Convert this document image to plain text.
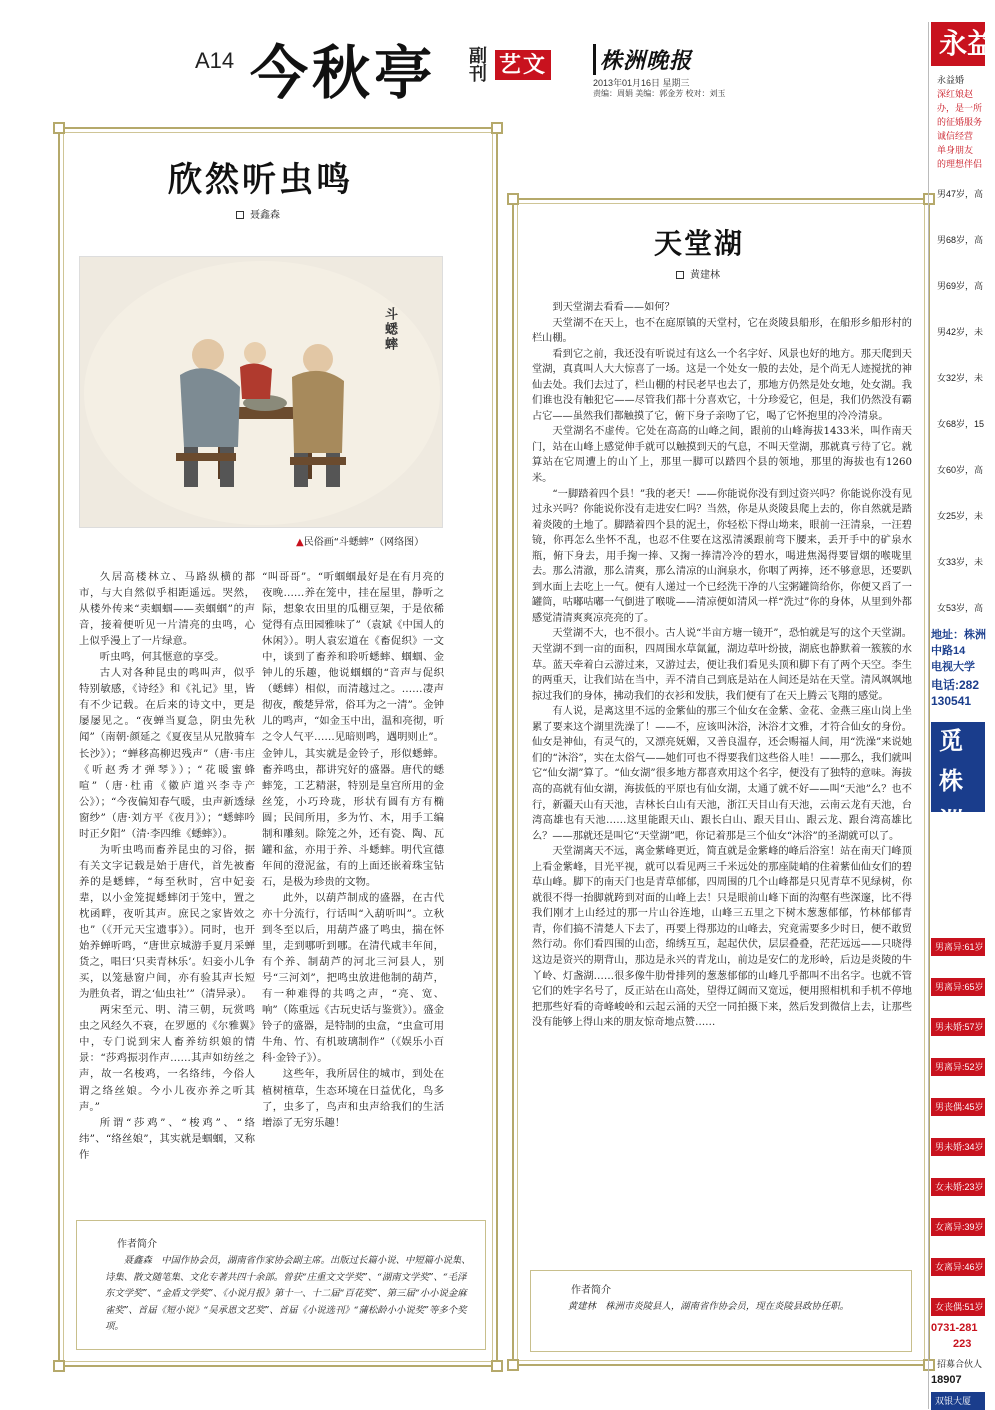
A14 今秋亭 副刊 艺文	株洲晚报
2013年01月16日 星期三
责编：周娟 美编：郭金芳 校对：刘玉
欣然听虫鸣
聂鑫森
斗蟋蟀
▲民俗画“斗蟋蟀”（网络图）

久居高楼林立、马路纵横的都市，与大自然似乎相距遥远。哭然，从楼外传来“卖蝈蝈——卖蝈蝈”的声音，接着便听见一片清亮的虫鸣，心上似乎漫上了一片绿意。

听虫鸣，何其惬意的享受。

古人对各种昆虫的鸣叫声，似乎特别敏感，《诗经》和《礼记》里，皆有不少记载。在后来的诗文中，更是屡屡见之。“夜蝉当夏急，阴虫先秋闻”（南朝·颜延之《夏夜呈从兄散骑车长沙》）；“蝉移高柳迟残声”（唐·韦庄《听赵秀才弹琴》）；“花暖蜜蜂喧”（唐·杜甫《徽庐道兴李寺产公》）；“今夜偏知春气暖，虫声新透绿窗纱”（唐·刘方平《夜月》）；“蟋蟀吟时正夕阳”（清·李四维《蟋蟀》）。

为听虫鸣而畜养昆虫的习俗，据有关文字记载是始于唐代，首先被畜养的是蟋蟀，“每至秋时，宫中妃妾辈，以小金笼捉蟋蟀闭于笼中，置之枕函畔，夜听其声。庶民之家皆效之也”（《开元天宝遗事》）。同时，也开始养蝉听鸣，“唐世京城游手夏月采蝉货之，唱曰‘只卖青林乐’。妇妾小儿争买，以笼悬窗户间，亦有验其声长短为胜负者，谓之‘仙虫社’”（清异录）。

两宋至元、明、清三朝，玩赏鸣虫之风经久不衰，在罗愿的《尔雅翼》中，专门说到宋人畜养纺织娘的情景：“莎鸡振羽作声……其声如纺丝之声，故一名梭鸡，一名络纬，今俗人谓之络丝娘。今小儿夜亦养之听其声。”

所谓“莎鸡”、“梭鸡”、“络纬”、“络丝娘”，其实就是蝈蝈，又称作

“叫哥哥”。“听蝈蝈最好是在有月亮的夜晚……养在笼中，挂在屋里，静听之际，想象农田里的瓜棚豆架，于是依稀觉得有点田园雅味了”（袁斌《中国人的休闲》）。明人袁宏道在《畜促织》一文中，谈到了畜养和聆听蟋蟀、蝈蝈、金钟儿的乐趣，他说蝈蝈的“音声与促织（蟋蟀）相似，而清越过之。……凄声彻夜，酸楚异常，俗耳为之一清”。金钟儿的鸣声，“如金玉中出，温和亮彻，听之令人气平……见暗则鸣，遇明则止”。金钟儿，其实就是金铃子，形似蟋蟀。畜养鸣虫，都讲究好的盛器。唐代的蟋蟀笼，工艺精湛，特别是皇宫所用的金丝笼，小巧玲珑，形状有圆有方有椭圆；民间所用，多为竹、木，用手工编制和雕刻。除笼之外，还有瓷、陶、瓦罐和盆，亦用于养、斗蟋蟀。明代宣德年间的澄泥盆，有的上面还嵌着珠宝钻石，是极为珍贵的文物。

此外，以葫芦制成的盛器，在古代亦十分流行，行话叫“入葫听叫”。立秋到冬至以后，用葫芦盛了鸣虫，揣在怀里，走到哪听到哪。在清代咸丰年间，有个养、制葫芦的河北三河县人，别号“三河刘”，把鸣虫放进他制的葫芦，有一种难得的共鸣之声，“亮、宽、响”（陈重远《古玩史话与鉴赏》）。盛金铃子的盛器，是特制的虫盒，“虫盒可用牛角、竹、有机玻璃制作”（《娱乐小百科·金铃子》）。

这些年，我所居住的城市，到处在植树植草，生态环境在日益优化，鸟多了，虫多了，鸟声和虫声给我们的生活增添了无穷乐趣！

作者简介
聂鑫森　中国作协会员，湖南省作家协会副主席。出版过长篇小说、中短篇小说集、诗集、散文随笔集、文化专著共四十余部。曾获“庄重文文学奖”、“湖南文学奖”、“毛泽东文学奖”、“金盾文学奖”、《小说月报》第十一、十二届“百花奖”、第三届“小小说金麻雀奖”、首届《短小说》“吴承恩文艺奖”、首届《小说选刊》“蒲松龄小小说奖”等多个奖项。
天堂湖
黄建林

到天堂湖去看看——如何？

天堂湖不在天上，也不在庭原镇的天堂村，它在炎陵县船形，在船形乡船形村的栏山棚。

看到它之前，我还没有听说过有这么一个名字好、风景也好的地方。那天爬到天堂湖，真真叫人大大惊喜了一场。这是一个处女一般的去处，是个尚无人迹搅扰的神仙去处。我们去过了，栏山棚的村民老早也去了，那地方仍然是处女地，处女湖。我们谁也没有触犯它——尽管我们都十分喜欢它，十分珍爱它，但是，我们仍然没有霸占它——虽然我们都触摸了它，俯下身子亲吻了它，喝了它怀抱里的冷冷清泉。

天堂湖名不虚传。它处在高高的山峰之间，跟前的山峰海拔1433米，叫作南天门，站在山峰上感觉伸手就可以触摸到天的气息，不叫天堂湖，那就真亏待了它。就算站在它周遭上的山丫上，那里一脚可以踏四个县的领地，那里的海拔也有1260米。

“一脚踏着四个县！”我的老天！——你能说你没有到过资兴吗？你能说你没有见过永兴吗？你能说你没有走进安仁吗？当然，你是从炎陵县爬上去的，你自然就是踏着炎陵的土地了。脚踏着四个县的泥土，你轻松下得山坳来，眼前一汪清泉，一汪碧镜，你再怎么坐怀不乱，也忍不住要在这泓清溪跟前弯下腰来，丢开手中的矿泉水瓶，俯下身去，用手掬一捧、又掬一捧清冷冷的碧水，喝进焦渴得要冒烟的喉咙里去。那么清澈，那么清爽，那么清凉的山涧泉水，你咽了两捧，还不够意思，还要趴到水面上去吃上一气。便有人递过一个已经洗干净的八宝粥罐筒给你，你便又舀了一罐筒，咕嘟咕嘟一气倒进了喉咙——清凉便如清风一样“洗过”你的身体，从里到外都感觉清清爽爽凉亮亮的了。

天堂湖不大，也不很小。古人说“半亩方塘一镜开”，恐怕就是写的这个天堂湖。天堂湖不到一亩的面积，四周围水草氤氲，湖边草叶纷披，湖底也静默着一簇簇的水草。蓝天牵着白云游过来，又游过去，便让我们看见头顶和脚下有了两个天空。李生的两重天，让我们站在当中，弄不清自己到底是站在人间还是站在天堂。清风飒飒地掠过我们的身体，拂动我们的衣衫和发肤，我们便有了在天上腾云飞翔的感觉。

有人说，是离这里不远的金紫仙的那三个仙女在金紫、金花、金燕三座山岗上坐累了要来这个湖里洗澡了！——不，应该叫沐浴，沐浴才文雅，才符合仙女的身份。仙女是神仙，有灵气的，又漂亮妩媚，又善良温存，还会赐福人间，用“洗澡”来说她们的“沐浴”，实在太俗气——她们可也不得要我们这些俗人哇！——那么，我们就叫它“仙女湖”算了。“仙女湖”很多地方都喜欢用这个名字，便没有了独特的意味。海拔高的高就有仙女湖，海拔低的平原也有仙女湖，太通了就不好——叫“天池”么？也不行，新疆天山有天池，吉林长白山有天池，浙江天目山有天池，云南云龙有天池，台湾高雄也有天池……这里能跟天山、跟长白山、跟天目山、跟云龙、跟台湾高雄比么？——那就还是叫它“天堂湖”吧，你记着那是三个仙女“沐浴”的圣湖就可以了。

天堂湖离天不远，离金紫峰更近，简直就是金紫峰的峰后浴室！站在南天门峰顶上看金紫峰，目光平视，就可以看见两三千米远处的那座陡峭的住着紫仙仙女们的碧草山峰。脚下的南天门也是青草郁郁，四周围的几个山峰都是只见青草不见绿树，你就很不得一抬脚就跨到对面的山峰上去！只是眼前山峰下面的沟壑有些深邃，比不得我们刚才上山经过的那一片山谷连地，山峰三五里之下树木葱葱郁郁，竹林郁郁青青，你们搞不清楚人下去了，再要上得那边的山峰去，究竟需要多少时日，便不敢贸然行动。你们看四围的山峦，绵绣互互，起起伏伏，层层叠叠，茫茫远远——只晓得这边是资兴的期背山，那边是永兴的青龙山，前边是安仁的龙形岭，后边是炎陵的牛丫岭、灯盏湖……很多像牛肋骨排列的葱葱郁郁的山峰几乎都叫不出名字。也就不管它们的姓字名号了，反正站在山高处，望得辽阔而又宽远，便用照相机和手机不停地把那些好看的奇峰峻岭和云起云涌的天空一同拍摄下来，然后发到微信上去，让那些没有能够上得山来的朋友惊奇地点赞……

作者简介
黄建林　株洲市炎陵县人，湖南省作协会员，现在炎陵县政协任职。
永益
永益婚
深红娘赵
办，是一所
的征婚服务
诚信经营
单身朋友
的理想伴侣
男47岁，高
男68岁，高
男69岁，高
男42岁，未
女32岁，未
女68岁，15
女60岁，高
女25岁，未
女33岁，未
女53岁，高
地址：株洲
中路14
电视大学
电话:282
130541
觅株洲
男离异:61岁
男离异:65岁
男未婚:57岁
男离异:52岁
男丧偶:45岁
男未婚:34岁
女未婚:23岁
女离异:39岁
女离异:46岁
女丧偶:51岁
0731-281
223
招募合伙人
18907
双银大厦
